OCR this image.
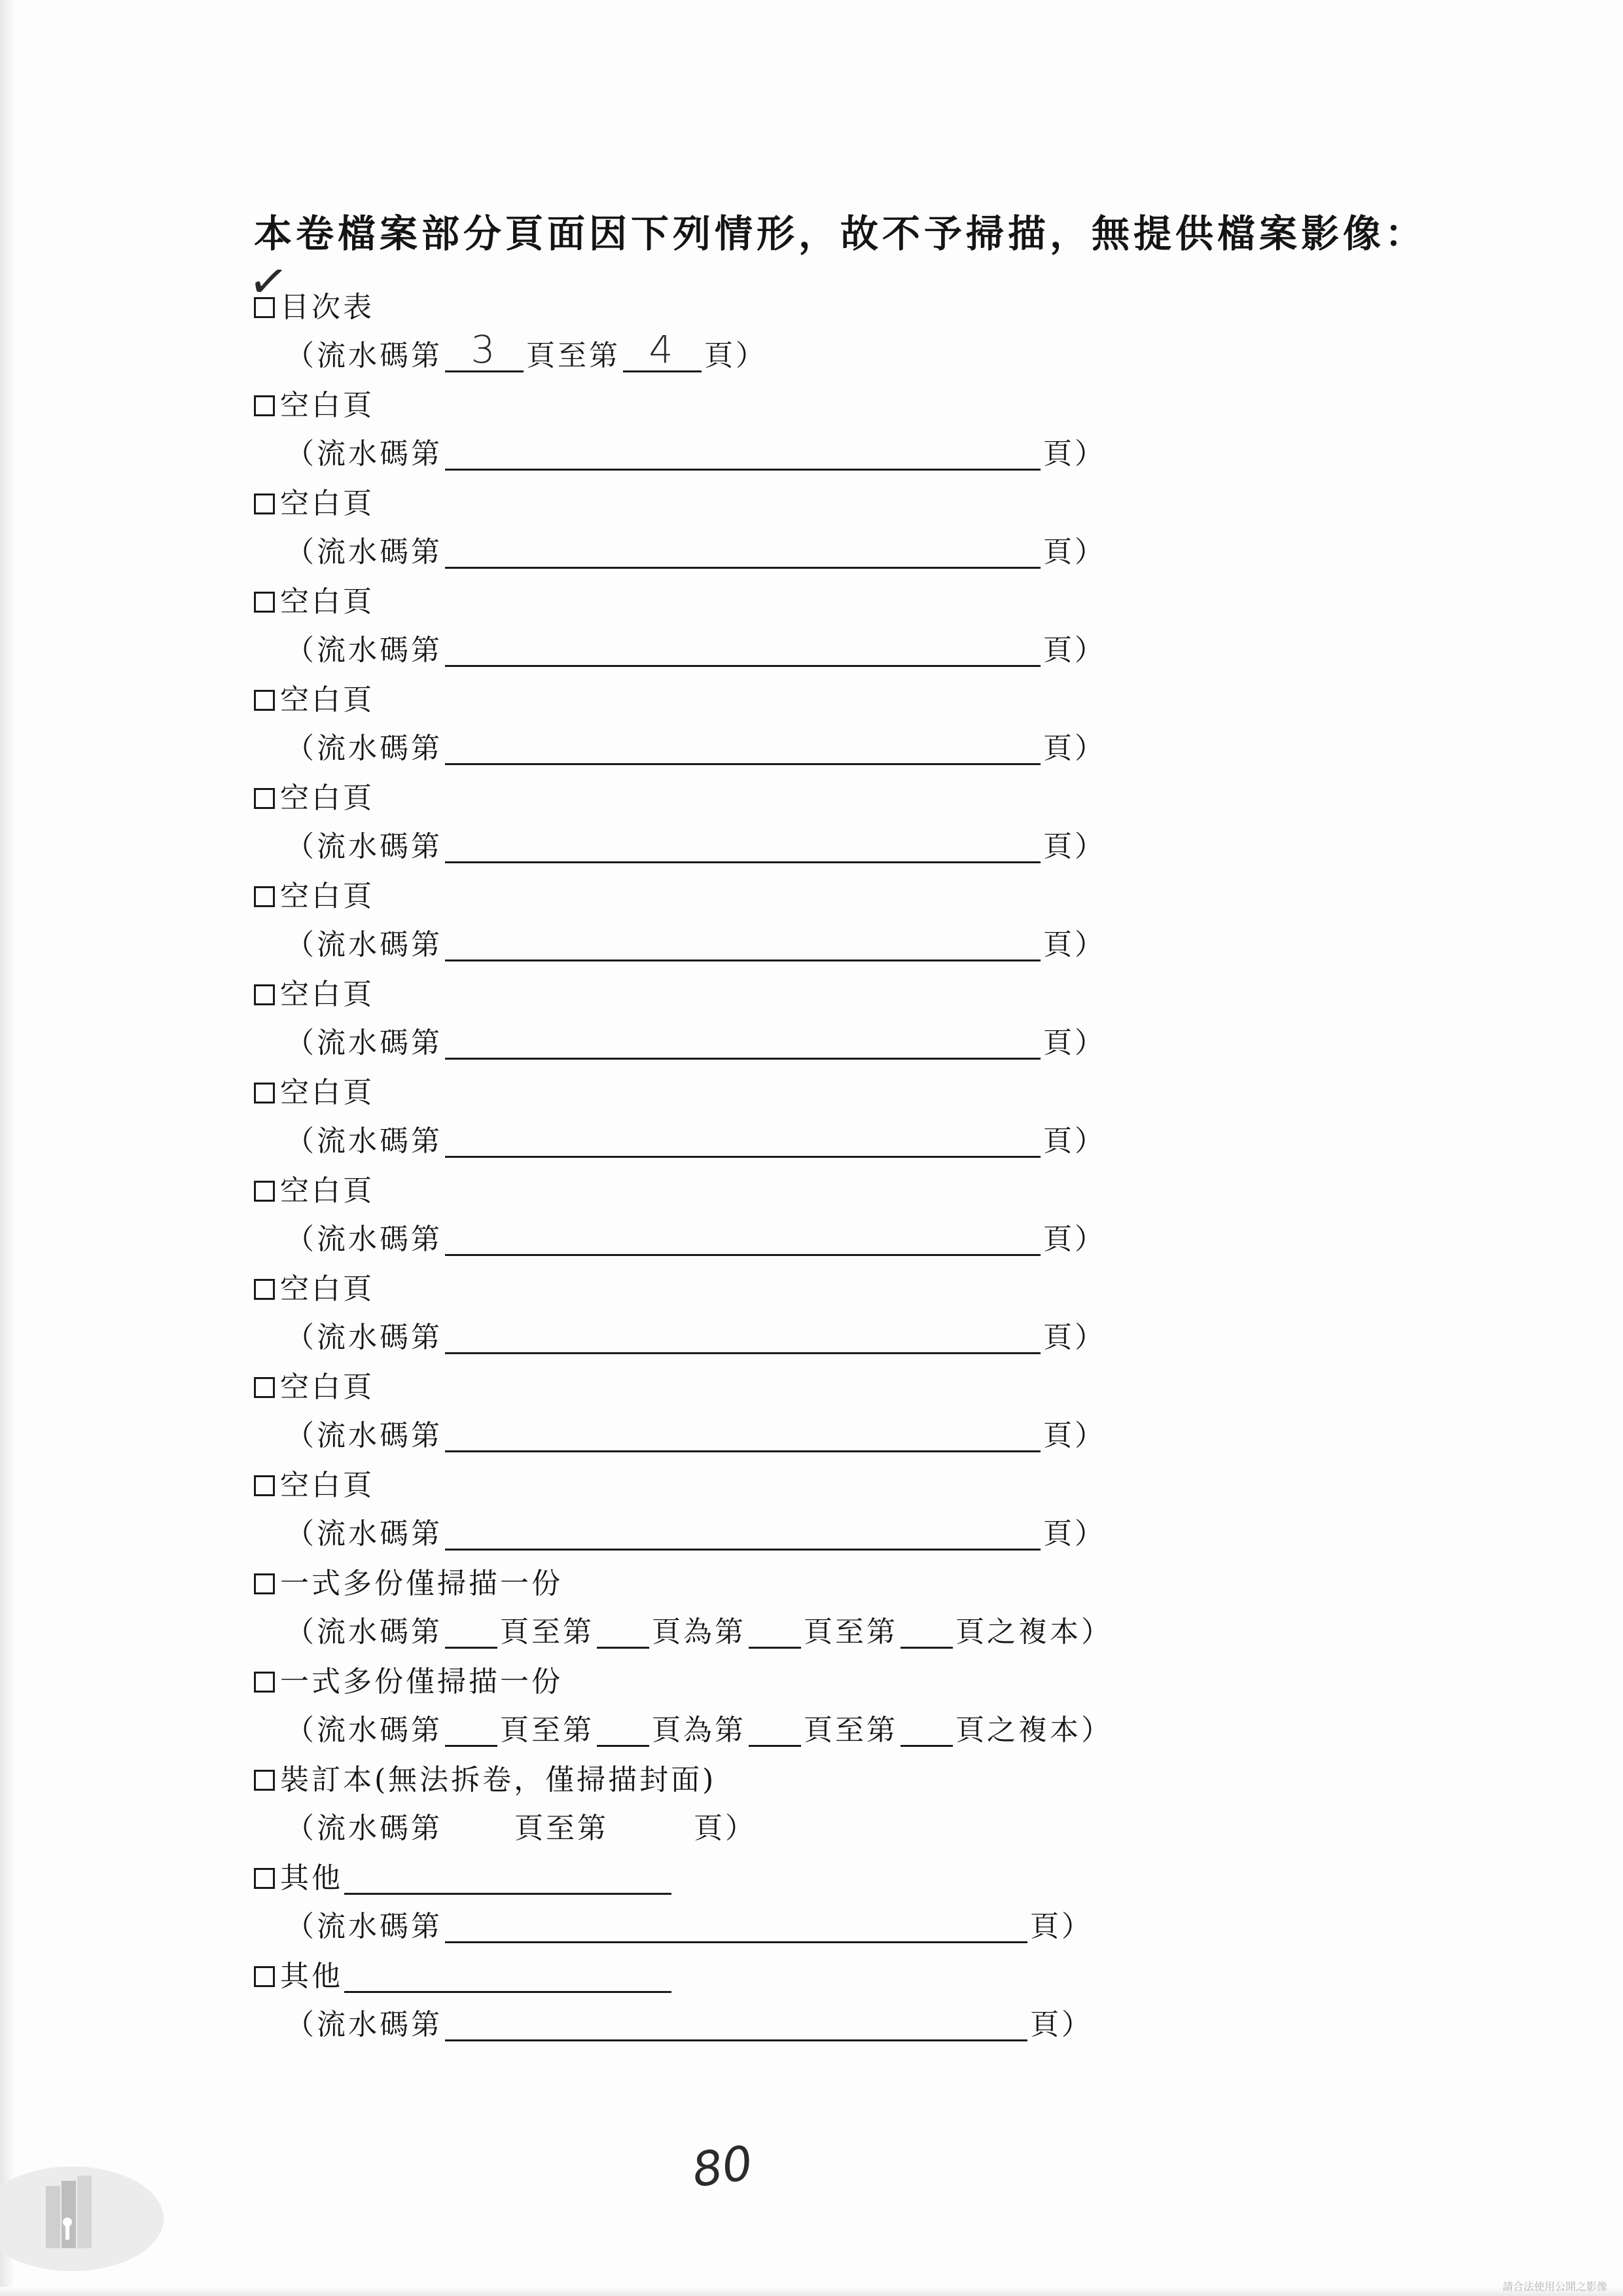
本卷檔案部分頁面因下列情形，故不予掃描，無提供檔案影像：
✓
目次表
（流水碼第 3 頁至第 4 頁）
空白頁
（流水碼第	頁）
空白頁
（流水碼第	頁）
空白頁
（流水碼第	頁）
空白頁
（流水碼第	頁）
空白頁
（流水碼第	頁）
空白頁
（流水碼第	頁）
空白頁
（流水碼第	頁）
空白頁
（流水碼第	頁）
空白頁
（流水碼第	頁）
空白頁
（流水碼第	頁）
空白頁
（流水碼第	頁）
空白頁
（流水碼第	頁）
一式多份僅掃描一份
（流水碼第 頁至第 頁為第 頁至第 頁之複本）
一式多份僅掃描一份
（流水碼第 頁至第 頁為第 頁至第 頁之複本）
裝訂本(無法拆卷，僅掃描封面)
（流水碼第	頁至第	頁）
其他
（流水碼第	頁）
其他
（流水碼第	頁）
80
請合法使用公開之影像
